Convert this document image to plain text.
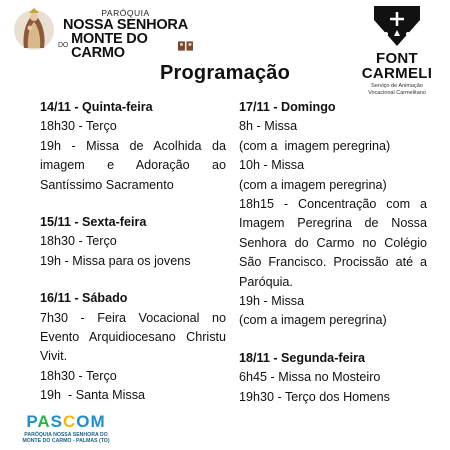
PARÓQUIA
NOSSA SENHORA
DO MONTE DO CARMO	FONT CARMELI
Serviço de Animação
Vocacional Carmelitano
Programação
14/11 - Quinta-feira
18h30 - Terço
19h - Missa de Acolhida da
imagem e Adoração ao
Santíssimo Sacramento
15/11 - Sexta-feira
18h30 - Terço
19h - Missa para os jovens
16/11 - Sábado
7h30 - Feira Vocacional no
Evento Arquidiocesano Christu
Vivit.
18h30 - Terço
19h  - Santa Missa
17/11 - Domingo
8h - Missa
(com a  imagem peregrina)
10h - Missa
(com a imagem peregrina)
18h15 - Concentração com a
Imagem Peregrina de Nossa
Senhora do Carmo no Colégio
São Francisco. Procissão até a
Paróquia.
19h - Missa
(com a imagem peregrina)
18/11 - Segunda-feira
6h45 - Missa no Mosteiro
19h30 - Terço dos Homens
PASCOM
PARÓQUIA NOSSA SENHORA DO
MONTE DO CARMO - PALMAS (TO)
